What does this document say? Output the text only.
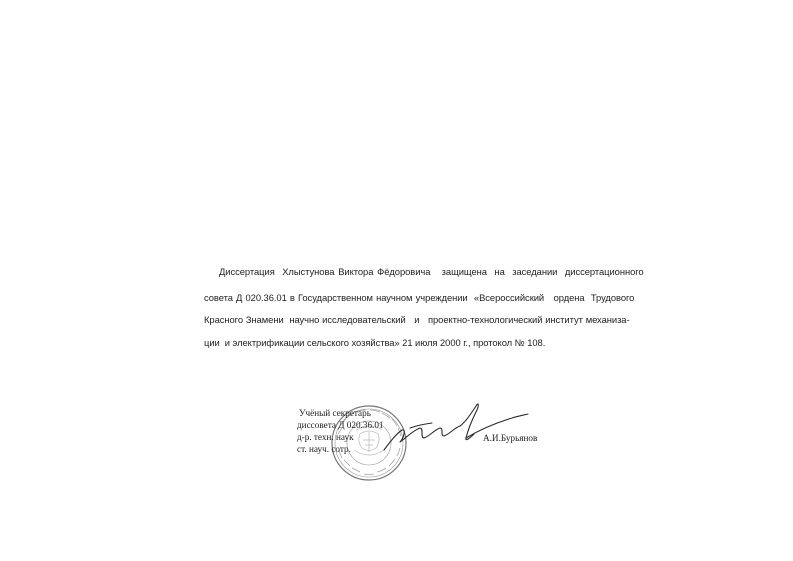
Диссертация  Хлыстунова Виктора Фёдоровича   защищена  на  заседании  диссертационного
совета Д 020.36.01 в Государственном научном учреждении  «Всероссийский   ордена  Трудового
Красного Знамени  научно исследовательский   и   проектно-технологический институт механиза-
ции  и электрификации сельского хозяйства» 21 июля 2000 г., протокол № 108.
Учёный секретарь
диссовета Д 020.36.01
д-р. техн. наук
ст. науч. сотр.
А.И.Бурьянов
